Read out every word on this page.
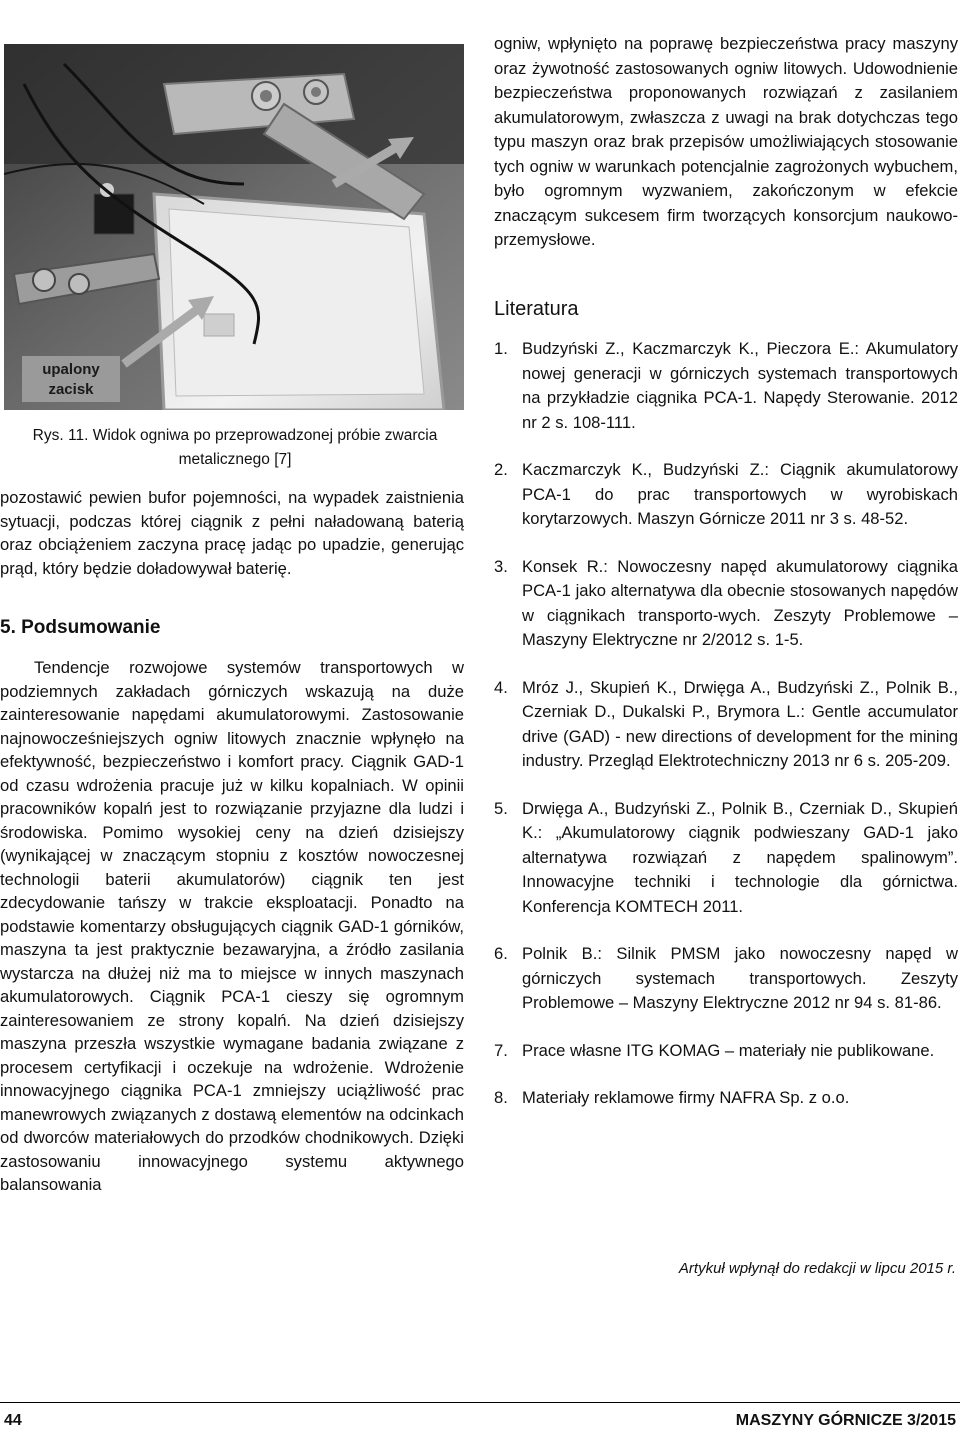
upalony
zacisk
Rys. 11. Widok ogniwa po przeprowadzonej próbie zwarcia metalicznego [7]

pozostawić pewien bufor pojemności, na wypadek zaistnienia sytuacji, podczas której ciągnik z pełni naładowaną baterią oraz obciążeniem zaczyna pracę jadąc po upadzie, generując prąd, który będzie doładowywał baterię.

5. Podsumowanie

Tendencje rozwojowe systemów transportowych w podziemnych zakładach górniczych wskazują na duże zainteresowanie napędami akumulatorowymi. Zastosowanie najnowocześniejszych ogniw litowych znacznie wpłynęło na efektywność, bezpieczeństwo i komfort pracy. Ciągnik GAD-1 od czasu wdrożenia pracuje już w kilku kopalniach. W opinii pracowników kopalń jest to rozwiązanie przyjazne dla ludzi i środowiska. Pomimo wysokiej ceny na dzień dzisiejszy (wynikającej w znaczącym stopniu z kosztów nowoczesnej technologii baterii akumulatorów) ciągnik ten jest zdecydowanie tańszy w trakcie eksploatacji. Ponadto na podstawie komentarzy obsługujących ciągnik GAD-1 górników, maszyna ta jest praktycznie bezawaryjna, a źródło zasilania wystarcza na dłużej niż ma to miejsce w innych maszynach akumulatorowych. Ciągnik PCA-1 cieszy się ogromnym zainteresowaniem ze strony kopalń. Na dzień dzisiejszy maszyna przeszła wszystkie wymagane badania związane z procesem certyfikacji i oczekuje na wdrożenie. Wdrożenie innowacyjnego ciągnika PCA-1 zmniejszy uciążliwość prac manewrowych związanych z dostawą elementów na odcinkach od dworców materiałowych do przodków chodnikowych. Dzięki zastosowaniu innowacyjnego systemu aktywnego balansowania

ogniw, wpłynięto na poprawę bezpieczeństwa pracy maszyny oraz żywotność zastosowanych ogniw litowych. Udowodnienie bezpieczeństwa proponowanych rozwiązań z zasilaniem akumulatorowym, zwłaszcza z uwagi na brak dotychczas tego typu maszyn oraz brak przepisów umożliwiających stosowanie tych ogniw w warunkach potencjalnie zagrożonych wybuchem, było ogromnym wyzwaniem, zakończonym w efekcie znaczącym sukcesem firm tworzących konsorcjum naukowo-przemysłowe.

Literatura
1. Budzyński Z., Kaczmarczyk K., Pieczora E.: Akumulatory nowej generacji w górniczych systemach transportowych na przykładzie ciągnika PCA-1. Napędy Sterowanie. 2012 nr 2 s. 108-111.
2. Kaczmarczyk K., Budzyński Z.: Ciągnik akumulatorowy PCA-1 do prac transportowych w wyrobiskach korytarzowych. Maszyn Górnicze 2011 nr 3 s. 48-52.
3. Konsek R.: Nowoczesny napęd akumulatorowy ciągnika PCA-1 jako alternatywa dla obecnie stosowanych napędów w ciągnikach transporto-wych. Zeszyty Problemowe – Maszyny Elektryczne nr 2/2012 s. 1-5.
4. Mróz J., Skupień K., Drwięga A., Budzyński Z., Polnik B., Czerniak D., Dukalski P., Brymora L.: Gentle accumulator drive (GAD) - new directions of development for the mining industry. Przegląd Elektrotechniczny 2013 nr 6 s. 205-209.
5. Drwięga A., Budzyński Z., Polnik B., Czerniak D., Skupień K.: „Akumulatorowy ciągnik podwieszany GAD-1 jako alternatywa rozwiązań z napędem spalinowym”. Innowacyjne techniki i technologie dla górnictwa. Konferencja KOMTECH 2011.
6. Polnik B.: Silnik PMSM jako nowoczesny napęd w górniczych systemach transportowych. Zeszyty Problemowe – Maszyny Elektryczne 2012 nr 94 s. 81-86.
7. Prace własne ITG KOMAG – materiały nie publikowane.
8. Materiały reklamowe firmy NAFRA Sp. z o.o.
Artykuł wpłynął do redakcji w lipcu 2015 r.
44	MASZYNY GÓRNICZE 3/2015
